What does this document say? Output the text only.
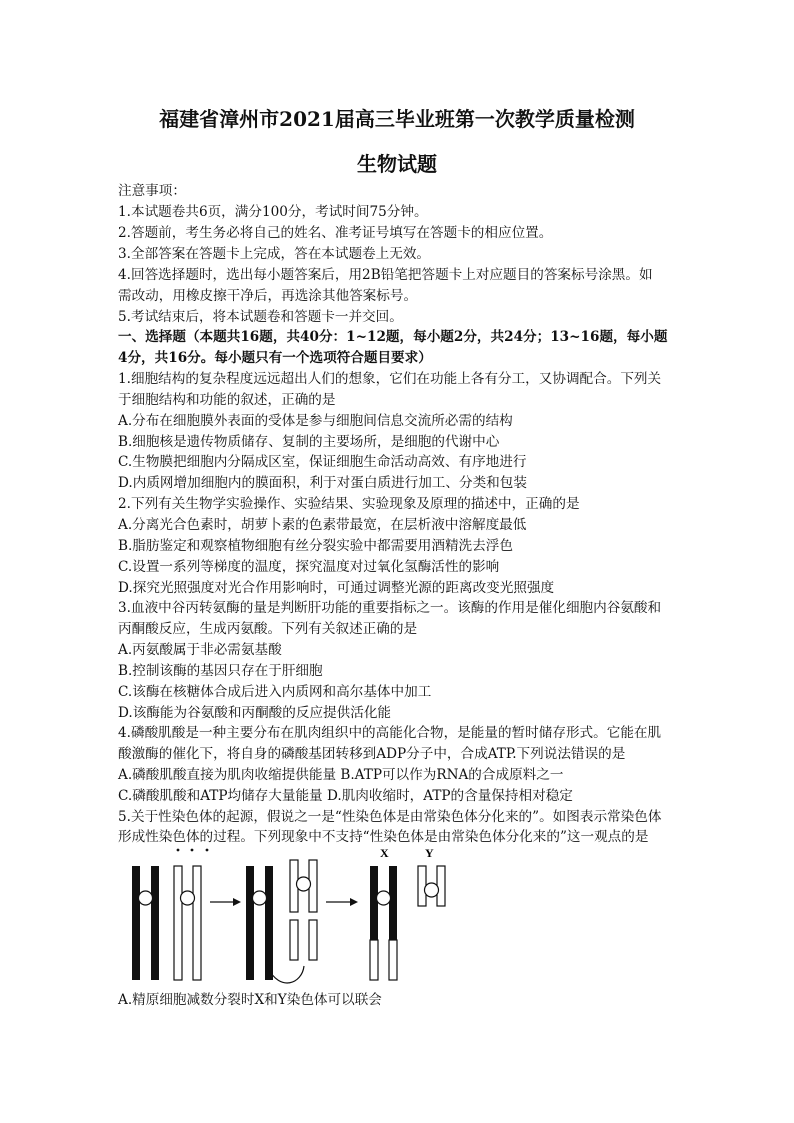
福建省漳州市2021届高三毕业班第一次教学质量检测
生物试题
注意事项：
1.本试题卷共6页，满分100分，考试时间75分钟。
2.答题前，考生务必将自己的姓名、准考证号填写在答题卡的相应位置。
3.全部答案在答题卡上完成，答在本试题卷上无效。
4.回答选择题时，选出每小题答案后，用2B铅笔把答题卡上对应题目的答案标号涂黑。如
需改动，用橡皮擦干净后，再选涂其他答案标号。
5.考试结束后，将本试题卷和答题卡一并交回。
一、选择题（本题共16题，共40分：1~12题，每小题2分，共24分；13~16题，每小题
4分，共16分。每小题只有一个选项符合题目要求）
1.细胞结构的复杂程度远远超出人们的想象，它们在功能上各有分工，又协调配合。下列关
于细胞结构和功能的叙述，正确的是
A.分布在细胞膜外表面的受体是参与细胞间信息交流所必需的结构
B.细胞核是遗传物质储存、复制的主要场所，是细胞的代谢中心
C.生物膜把细胞内分隔成区室，保证细胞生命活动高效、有序地进行
D.内质网增加细胞内的膜面积，利于对蛋白质进行加工、分类和包装
2.下列有关生物学实验操作、实验结果、实验现象及原理的描述中，正确的是
A.分离光合色素时，胡萝卜素的色素带最宽，在层析液中溶解度最低
B.脂肪鉴定和观察植物细胞有丝分裂实验中都需要用酒精洗去浮色
C.设置一系列等梯度的温度，探究温度对过氧化氢酶活性的影响
D.探究光照强度对光合作用影响时，可通过调整光源的距离改变光照强度
3.血液中谷丙转氨酶的量是判断肝功能的重要指标之一。该酶的作用是催化细胞内谷氨酸和
丙酮酸反应，生成丙氨酸。下列有关叙述正确的是
A.丙氨酸属于非必需氨基酸
B.控制该酶的基因只存在于肝细胞
C.该酶在核糖体合成后进入内质网和高尔基体中加工
D.该酶能为谷氨酸和丙酮酸的反应提供活化能
4.磷酸肌酸是一种主要分布在肌肉组织中的高能化合物，是能量的暂时储存形式。它能在肌
酸激酶的催化下，将自身的磷酸基团转移到ADP分子中，合成ATP.下列说法错误的是
A.磷酸肌酸直接为肌肉收缩提供能量 B.ATP可以作为RNA的合成原料之一
C.磷酸肌酸和ATP均储存大量能量 D.肌肉收缩时，ATP的含量保持相对稳定
5.关于性染色体的起源，假说之一是“性染色体是由常染色体分化来的”。如图表示常染色体
形成性染色体的过程。下列现象中不支持“性染色体是由常染色体分化来的”这一观点的是
X	Y
A.精原细胞减数分裂时X和Y染色体可以联会
